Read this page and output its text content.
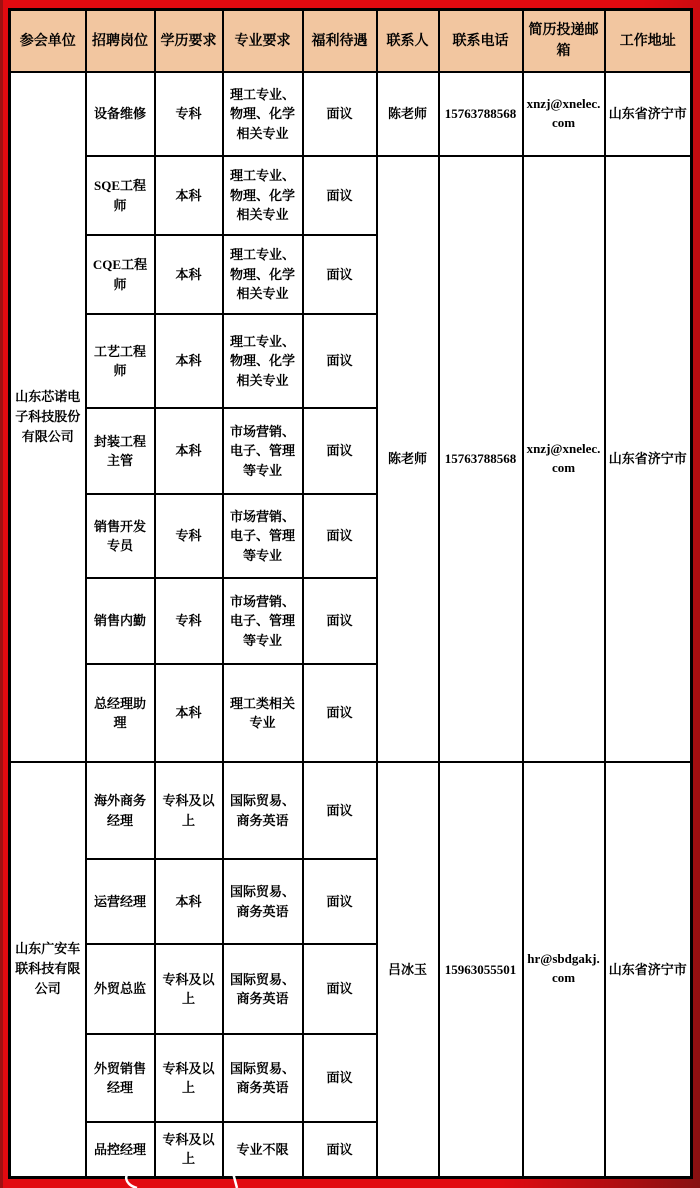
参会单位	招聘岗位	学历要求	专业要求	福利待遇	联系人	联系电话	简历投递邮箱	工作地址
山东芯诺电子科技股份有限公司	设备维修	专科	理工专业、物理、化学相关专业	面议	陈老师	15763788568	xnzj@xnelec.com	山东省济宁市
	SQE工程师	本科	理工专业、物理、化学相关专业	面议	陈老师	15763788568	xnzj@xnelec.com	山东省济宁市
	CQE工程师	本科	理工专业、物理、化学相关专业	面议				
	工艺工程师	本科	理工专业、物理、化学相关专业	面议				
	封装工程主管	本科	市场营销、电子、管理等专业	面议				
	销售开发专员	专科	市场营销、电子、管理等专业	面议				
	销售内勤	专科	市场营销、电子、管理等专业	面议				
	总经理助理	本科	理工类相关专业	面议				
山东广安车联科技有限公司	海外商务经理	专科及以上	国际贸易、商务英语	面议	吕冰玉	15963055501	hr@sbdgakj.com	山东省济宁市
	运营经理	本科	国际贸易、商务英语	面议				
	外贸总监	专科及以上	国际贸易、商务英语	面议				
	外贸销售经理	专科及以上	国际贸易、商务英语	面议				
	品控经理	专科及以上	专业不限	面议				
